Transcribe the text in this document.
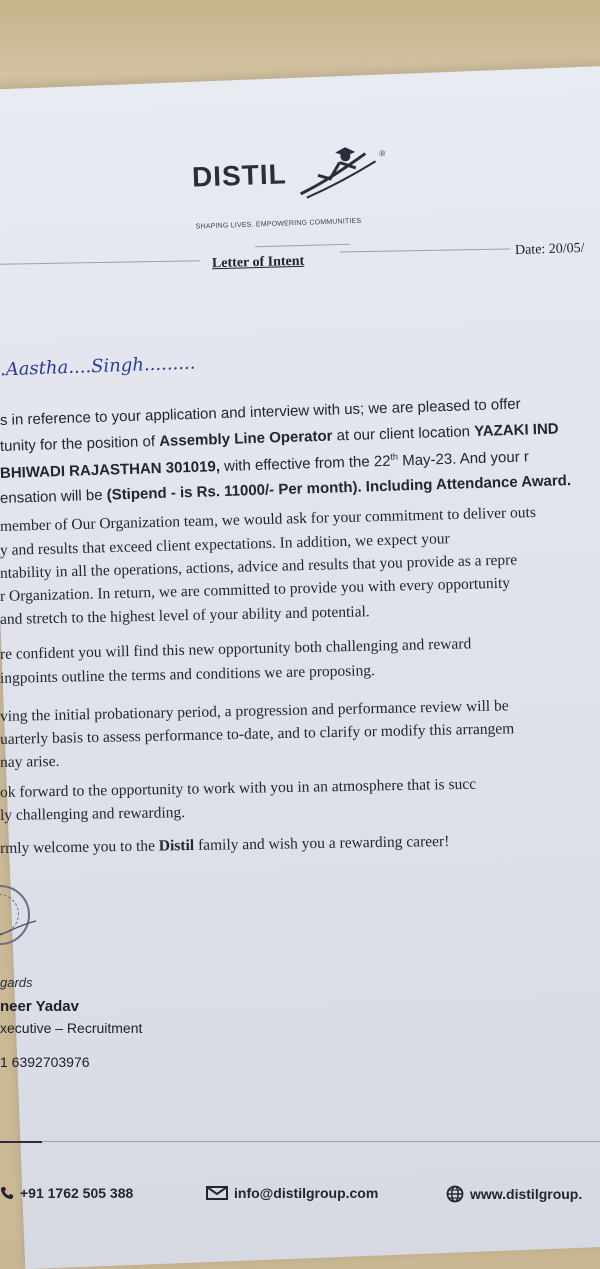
DISTIL
®
SHAPING LIVES. EMPOWERING COMMUNITIES
Letter of Intent
Date: 20/05/
.Aastha....Singh.........
s in reference to your application and interview with us; we are pleased to offer
tunity for the position of Assembly Line Operator at our client location YAZAKI IND
BHIWADI RAJASTHAN 301019, with effective from the 22th May-23. And your r
ensation will be (Stipend - is Rs. 11000/- Per month). Including Attendance Award.
member of Our Organization team, we would ask for your commitment to deliver outs
y and results that exceed client expectations. In addition, we expect your
ntability in all the operations, actions, advice and results that you provide as a repre
r Organization. In return, we are committed to provide you with every opportunity
and stretch to the highest level of your ability and potential.
re confident you will find this new opportunity both challenging and reward
ingpoints outline the terms and conditions we are proposing.
ving the initial probationary period, a progression and performance review will be
uarterly basis to assess performance to-date, and to clarify or modify this arrangem
nay arise.
ok forward to the opportunity to work with you in an atmosphere that is succ
ly challenging and rewarding.
rmly welcome you to the Distil family and wish you a rewarding career!
gards
neer Yadav
xecutive – Recruitment
1 6392703976
+91 1762 505 388	info@distilgroup.com	www.distilgroup.
